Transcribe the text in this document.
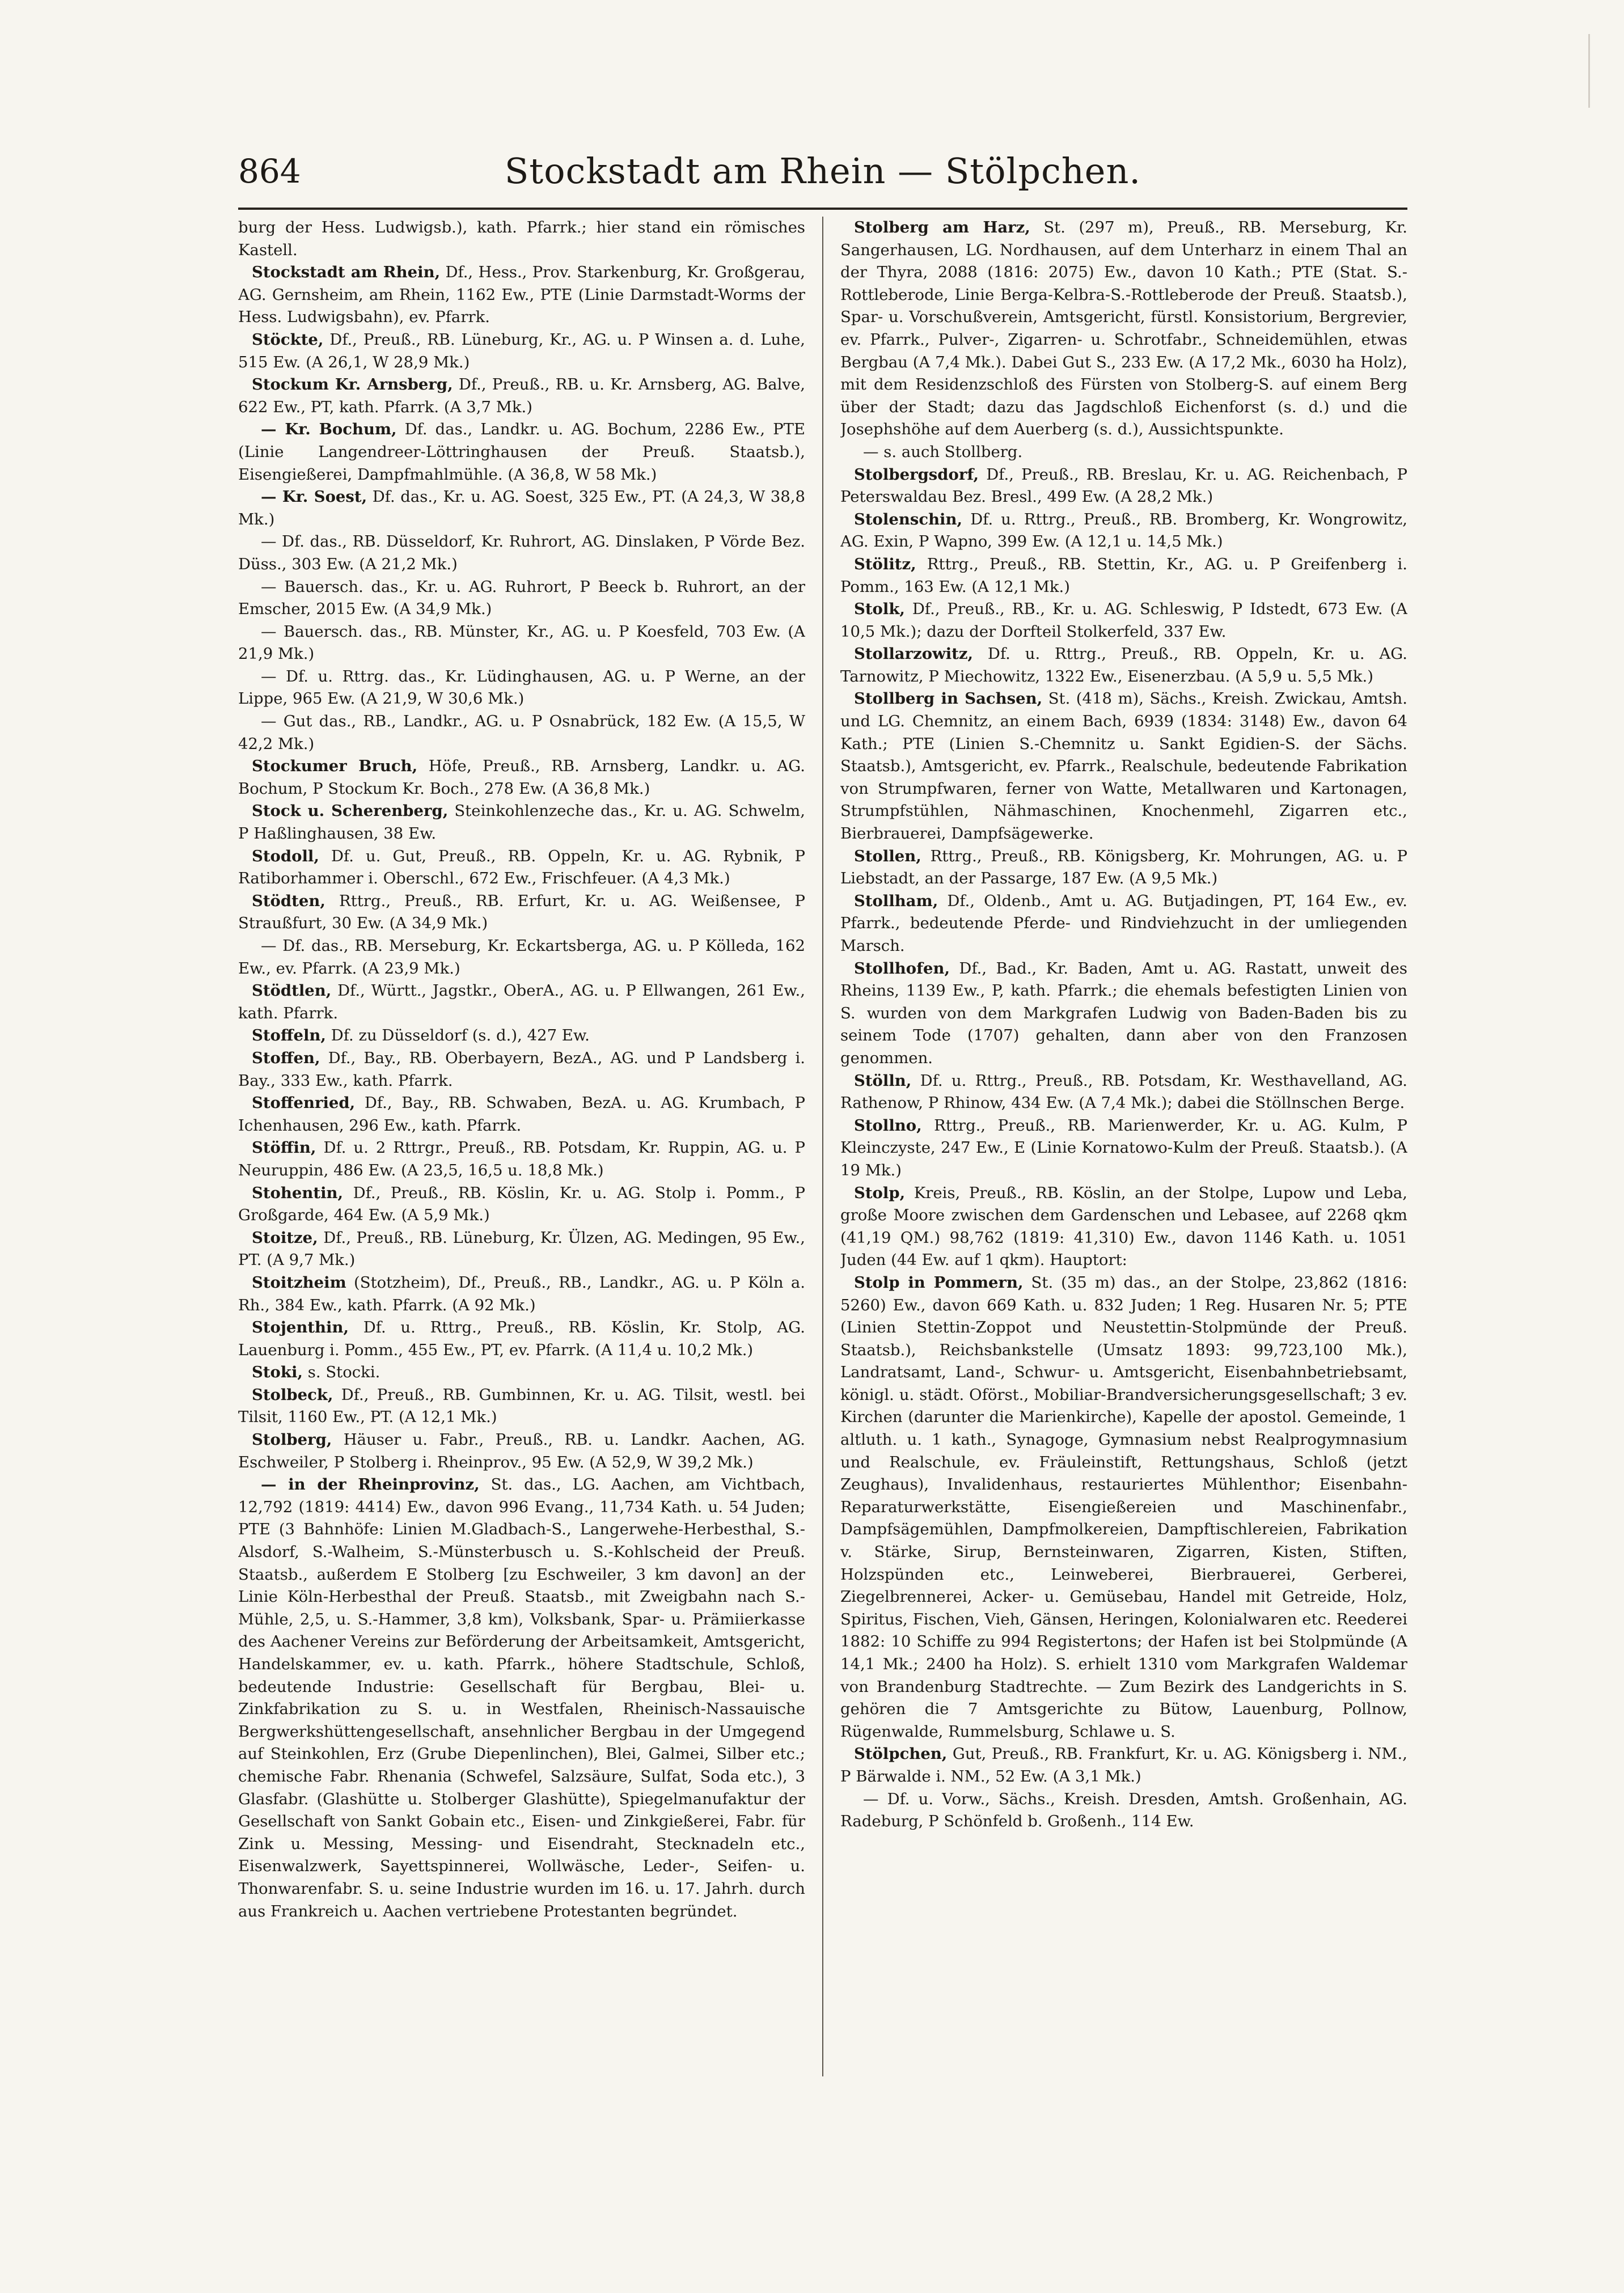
864	Stockstadt am Rhein — Stölpchen.

burg der Hess. Ludwigsb.), kath. Pfarrk.; hier stand ein römisches Kastell.

Stockstadt am Rhein, Df., Hess., Prov. Starkenburg, Kr. Großgerau, AG. Gernsheim, am Rhein, 1162 Ew., PTE (Linie Darmstadt-Worms der Hess. Ludwigsbahn), ev. Pfarrk.

Stöckte, Df., Preuß., RB. Lüneburg, Kr., AG. u. P Winsen a. d. Luhe, 515 Ew. (A 26,1, W 28,9 Mk.)

Stockum Kr. Arnsberg, Df., Preuß., RB. u. Kr. Arnsberg, AG. Balve, 622 Ew., PT, kath. Pfarrk. (A 3,7 Mk.)

— Kr. Bochum, Df. das., Landkr. u. AG. Bochum, 2286 Ew., PTE (Linie Langendreer-Löttringhausen der Preuß. Staatsb.), Eisengießerei, Dampfmahlmühle. (A 36,8, W 58 Mk.)

— Kr. Soest, Df. das., Kr. u. AG. Soest, 325 Ew., PT. (A 24,3, W 38,8 Mk.)

— Df. das., RB. Düsseldorf, Kr. Ruhrort, AG. Dinslaken, P Vörde Bez. Düss., 303 Ew. (A 21,2 Mk.)

— Bauersch. das., Kr. u. AG. Ruhrort, P Beeck b. Ruhrort, an der Emscher, 2015 Ew. (A 34,9 Mk.)

— Bauersch. das., RB. Münster, Kr., AG. u. P Koesfeld, 703 Ew. (A 21,9 Mk.)

— Df. u. Rttrg. das., Kr. Lüdinghausen, AG. u. P Werne, an der Lippe, 965 Ew. (A 21,9, W 30,6 Mk.)

— Gut das., RB., Landkr., AG. u. P Osnabrück, 182 Ew. (A 15,5, W 42,2 Mk.)

Stockumer Bruch, Höfe, Preuß., RB. Arnsberg, Landkr. u. AG. Bochum, P Stockum Kr. Boch., 278 Ew. (A 36,8 Mk.)

Stock u. Scherenberg, Steinkohlenzeche das., Kr. u. AG. Schwelm, P Haßlinghausen, 38 Ew.

Stodoll, Df. u. Gut, Preuß., RB. Oppeln, Kr. u. AG. Rybnik, P Ratiborhammer i. Oberschl., 672 Ew., Frischfeuer. (A 4,3 Mk.)

Stödten, Rttrg., Preuß., RB. Erfurt, Kr. u. AG. Weißensee, P Straußfurt, 30 Ew. (A 34,9 Mk.)

— Df. das., RB. Merseburg, Kr. Eckartsberga, AG. u. P Kölleda, 162 Ew., ev. Pfarrk. (A 23,9 Mk.)

Stödtlen, Df., Württ., Jagstkr., OberA., AG. u. P Ellwangen, 261 Ew., kath. Pfarrk.

Stoffeln, Df. zu Düsseldorf (s. d.), 427 Ew.

Stoffen, Df., Bay., RB. Oberbayern, BezA., AG. und P Landsberg i. Bay., 333 Ew., kath. Pfarrk.

Stoffenried, Df., Bay., RB. Schwaben, BezA. u. AG. Krumbach, P Ichenhausen, 296 Ew., kath. Pfarrk.

Stöffin, Df. u. 2 Rttrgr., Preuß., RB. Potsdam, Kr. Ruppin, AG. u. P Neuruppin, 486 Ew. (A 23,5, 16,5 u. 18,8 Mk.)

Stohentin, Df., Preuß., RB. Köslin, Kr. u. AG. Stolp i. Pomm., P Großgarde, 464 Ew. (A 5,9 Mk.)

Stoitze, Df., Preuß., RB. Lüneburg, Kr. Ülzen, AG. Medingen, 95 Ew., PT. (A 9,7 Mk.)

Stoitzheim (Stotzheim), Df., Preuß., RB., Landkr., AG. u. P Köln a. Rh., 384 Ew., kath. Pfarrk. (A 92 Mk.)

Stojenthin, Df. u. Rttrg., Preuß., RB. Köslin, Kr. Stolp, AG. Lauenburg i. Pomm., 455 Ew., PT, ev. Pfarrk. (A 11,4 u. 10,2 Mk.)

Stoki, s. Stocki.

Stolbeck, Df., Preuß., RB. Gumbinnen, Kr. u. AG. Tilsit, westl. bei Tilsit, 1160 Ew., PT. (A 12,1 Mk.)

Stolberg, Häuser u. Fabr., Preuß., RB. u. Landkr. Aachen, AG. Eschweiler, P Stolberg i. Rheinprov., 95 Ew. (A 52,9, W 39,2 Mk.)

— in der Rheinprovinz, St. das., LG. Aachen, am Vichtbach, 12,792 (1819: 4414) Ew., davon 996 Evang., 11,734 Kath. u. 54 Juden; PTE (3 Bahnhöfe: Linien M.Gladbach-S., Langerwehe-Herbesthal, S.-Alsdorf, S.-Walheim, S.-Münsterbusch u. S.-Kohlscheid der Preuß. Staatsb., außerdem E Stolberg [zu Eschweiler, 3 km davon] an der Linie Köln-Herbesthal der Preuß. Staatsb., mit Zweigbahn nach S.-Mühle, 2,5, u. S.-Hammer, 3,8 km), Volksbank, Spar- u. Prämiierkasse des Aachener Vereins zur Beförderung der Arbeitsamkeit, Amtsgericht, Handelskammer, ev. u. kath. Pfarrk., höhere Stadtschule, Schloß, bedeutende Industrie: Gesellschaft für Bergbau, Blei- u. Zinkfabrikation zu S. u. in Westfalen, Rheinisch-Nassauische Bergwerkshüttengesellschaft, ansehnlicher Bergbau in der Umgegend auf Steinkohlen, Erz (Grube Diepenlinchen), Blei, Galmei, Silber etc.; chemische Fabr. Rhenania (Schwefel, Salzsäure, Sulfat, Soda etc.), 3 Glasfabr. (Glashütte u. Stolberger Glashütte), Spiegelmanufaktur der Gesellschaft von Sankt Gobain etc., Eisen- und Zinkgießerei, Fabr. für Zink u. Messing, Messing- und Eisendraht, Stecknadeln etc., Eisenwalzwerk, Sayettspinnerei, Wollwäsche, Leder-, Seifen- u. Thonwarenfabr. S. u. seine Industrie wurden im 16. u. 17. Jahrh. durch aus Frankreich u. Aachen vertriebene Protestanten begründet.

Stolberg am Harz, St. (297 m), Preuß., RB. Merseburg, Kr. Sangerhausen, LG. Nordhausen, auf dem Unterharz in einem Thal an der Thyra, 2088 (1816: 2075) Ew., davon 10 Kath.; PTE (Stat. S.-Rottleberode, Linie Berga-Kelbra-S.-Rottleberode der Preuß. Staatsb.), Spar- u. Vorschußverein, Amtsgericht, fürstl. Konsistorium, Bergrevier, ev. Pfarrk., Pulver-, Zigarren- u. Schrotfabr., Schneidemühlen, etwas Bergbau (A 7,4 Mk.). Dabei Gut S., 233 Ew. (A 17,2 Mk., 6030 ha Holz), mit dem Residenzschloß des Fürsten von Stolberg-S. auf einem Berg über der Stadt; dazu das Jagdschloß Eichenforst (s. d.) und die Josephshöhe auf dem Auerberg (s. d.), Aussichtspunkte.

— s. auch Stollberg.

Stolbergsdorf, Df., Preuß., RB. Breslau, Kr. u. AG. Reichenbach, P Peterswaldau Bez. Bresl., 499 Ew. (A 28,2 Mk.)

Stolenschin, Df. u. Rttrg., Preuß., RB. Bromberg, Kr. Wongrowitz, AG. Exin, P Wapno, 399 Ew. (A 12,1 u. 14,5 Mk.)

Stölitz, Rttrg., Preuß., RB. Stettin, Kr., AG. u. P Greifenberg i. Pomm., 163 Ew. (A 12,1 Mk.)

Stolk, Df., Preuß., RB., Kr. u. AG. Schleswig, P Idstedt, 673 Ew. (A 10,5 Mk.); dazu der Dorfteil Stolkerfeld, 337 Ew.

Stollarzowitz, Df. u. Rttrg., Preuß., RB. Oppeln, Kr. u. AG. Tarnowitz, P Miechowitz, 1322 Ew., Eisenerzbau. (A 5,9 u. 5,5 Mk.)

Stollberg in Sachsen, St. (418 m), Sächs., Kreish. Zwickau, Amtsh. und LG. Chemnitz, an einem Bach, 6939 (1834: 3148) Ew., davon 64 Kath.; PTE (Linien S.-Chemnitz u. Sankt Egidien-S. der Sächs. Staatsb.), Amtsgericht, ev. Pfarrk., Realschule, bedeutende Fabrikation von Strumpfwaren, ferner von Watte, Metallwaren und Kartonagen, Strumpfstühlen, Nähmaschinen, Knochenmehl, Zigarren etc., Bierbrauerei, Dampfsägewerke.

Stollen, Rttrg., Preuß., RB. Königsberg, Kr. Mohrungen, AG. u. P Liebstadt, an der Passarge, 187 Ew. (A 9,5 Mk.)

Stollham, Df., Oldenb., Amt u. AG. Butjadingen, PT, 164 Ew., ev. Pfarrk., bedeutende Pferde- und Rindviehzucht in der umliegenden Marsch.

Stollhofen, Df., Bad., Kr. Baden, Amt u. AG. Rastatt, unweit des Rheins, 1139 Ew., P, kath. Pfarrk.; die ehemals befestigten Linien von S. wurden von dem Markgrafen Ludwig von Baden-Baden bis zu seinem Tode (1707) gehalten, dann aber von den Franzosen genommen.

Stölln, Df. u. Rttrg., Preuß., RB. Potsdam, Kr. Westhavelland, AG. Rathenow, P Rhinow, 434 Ew. (A 7,4 Mk.); dabei die Stöllnschen Berge.

Stollno, Rttrg., Preuß., RB. Marienwerder, Kr. u. AG. Kulm, P Kleinczyste, 247 Ew., E (Linie Kornatowo-Kulm der Preuß. Staatsb.). (A 19 Mk.)

Stolp, Kreis, Preuß., RB. Köslin, an der Stolpe, Lupow und Leba, große Moore zwischen dem Gardenschen und Lebasee, auf 2268 qkm (41,19 QM.) 98,762 (1819: 41,310) Ew., davon 1146 Kath. u. 1051 Juden (44 Ew. auf 1 qkm). Hauptort:

Stolp in Pommern, St. (35 m) das., an der Stolpe, 23,862 (1816: 5260) Ew., davon 669 Kath. u. 832 Juden; 1 Reg. Husaren Nr. 5; PTE (Linien Stettin-Zoppot und Neustettin-Stolpmünde der Preuß. Staatsb.), Reichsbankstelle (Umsatz 1893: 99,723,100 Mk.), Landratsamt, Land-, Schwur- u. Amtsgericht, Eisenbahnbetriebsamt, königl. u. städt. Oförst., Mobiliar-Brandversicherungsgesellschaft; 3 ev. Kirchen (darunter die Marienkirche), Kapelle der apostol. Gemeinde, 1 altluth. u. 1 kath., Synagoge, Gymnasium nebst Realprogymnasium und Realschule, ev. Fräuleinstift, Rettungshaus, Schloß (jetzt Zeughaus), Invalidenhaus, restauriertes Mühlenthor; Eisenbahn-Reparaturwerkstätte, Eisengießereien und Maschinenfabr., Dampfsägemühlen, Dampfmolkereien, Dampftischlereien, Fabrikation v. Stärke, Sirup, Bernsteinwaren, Zigarren, Kisten, Stiften, Holzspünden etc., Leinweberei, Bierbrauerei, Gerberei, Ziegelbrennerei, Acker- u. Gemüsebau, Handel mit Getreide, Holz, Spiritus, Fischen, Vieh, Gänsen, Heringen, Kolonialwaren etc. Reederei 1882: 10 Schiffe zu 994 Registertons; der Hafen ist bei Stolpmünde (A 14,1 Mk.; 2400 ha Holz). S. erhielt 1310 vom Markgrafen Waldemar von Brandenburg Stadtrechte. — Zum Bezirk des Landgerichts in S. gehören die 7 Amtsgerichte zu Bütow, Lauenburg, Pollnow, Rügenwalde, Rummelsburg, Schlawe u. S.

Stölpchen, Gut, Preuß., RB. Frankfurt, Kr. u. AG. Königsberg i. NM., P Bärwalde i. NM., 52 Ew. (A 3,1 Mk.)

— Df. u. Vorw., Sächs., Kreish. Dresden, Amtsh. Großenhain, AG. Radeburg, P Schönfeld b. Großenh., 114 Ew.
